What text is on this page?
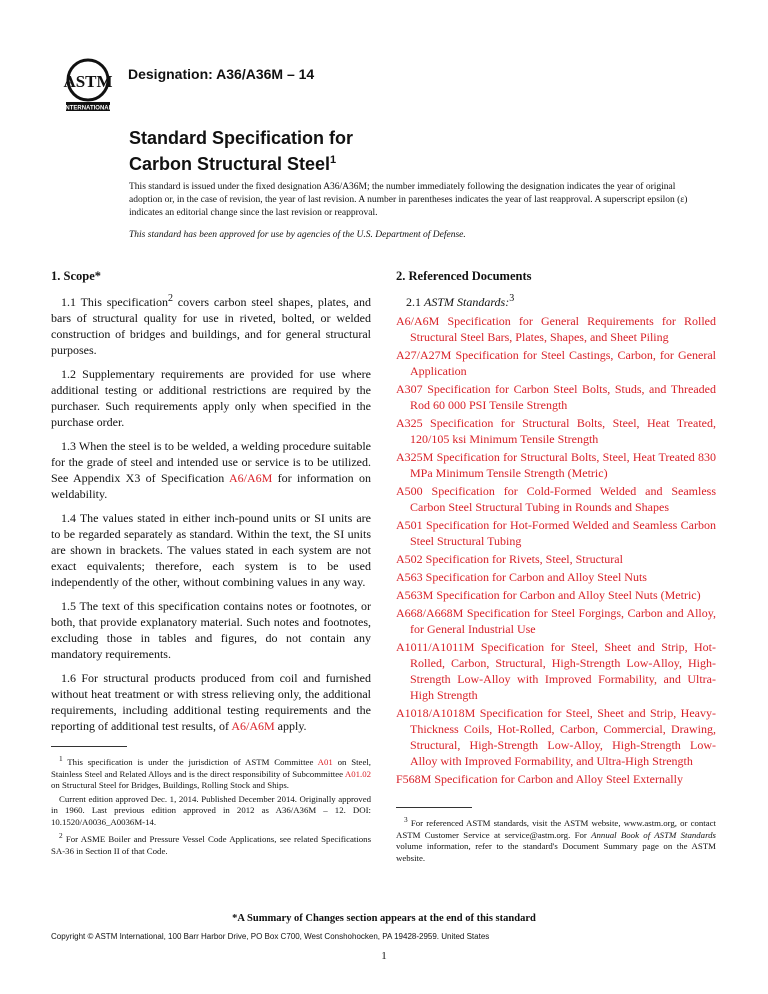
ASTM
INTERNATIONAL
Designation: A36/A36M – 14
Standard Specification for
Carbon Structural Steel$^1$

This standard is issued under the fixed designation A36/A36M; the number immediately following the designation indicates the year of original adoption or, in the case of revision, the year of last revision. A number in parentheses indicates the year of last reapproval. A superscript epsilon (ε) indicates an editorial change since the last revision or reapproval.

This standard has been approved for use by agencies of the U.S. Department of Defense.

1. Scope*

1.1 This specification$^2$ covers carbon steel shapes, plates, and bars of structural quality for use in riveted, bolted, or welded construction of bridges and buildings, and for general structural purposes.

1.2 Supplementary requirements are provided for use where additional testing or additional restrictions are required by the purchaser. Such requirements apply only when specified in the purchase order.

1.3 When the steel is to be welded, a welding procedure suitable for the grade of steel and intended use or service is to be utilized. See Appendix X3 of Specification A6/A6M for information on weldability.

1.4 The values stated in either inch-pound units or SI units are to be regarded separately as standard. Within the text, the SI units are shown in brackets. The values stated in each system are not exact equivalents; therefore, each system is to be used independently of the other, without combining values in any way.

1.5 The text of this specification contains notes or footnotes, or both, that provide explanatory material. Such notes and footnotes, excluding those in tables and figures, do not contain any mandatory requirements.

1.6 For structural products produced from coil and furnished without heat treatment or with stress relieving only, the additional requirements, including additional testing requirements and the reporting of additional test results, of A6/A6M apply.

$^1$ This specification is under the jurisdiction of ASTM Committee A01 on Steel, Stainless Steel and Related Alloys and is the direct responsibility of Subcommittee A01.02 on Structural Steel for Bridges, Buildings, Rolling Stock and Ships.

Current edition approved Dec. 1, 2014. Published December 2014. Originally approved in 1960. Last previous edition approved in 2012 as A36/A36M – 12. DOI: 10.1520/A0036_A0036M-14.

$^2$ For ASME Boiler and Pressure Vessel Code Applications, see related Specifications SA-36 in Section II of that Code.

2. Referenced Documents

2.1 ASTM Standards:$^3$

A6/A6M Specification for General Requirements for Rolled Structural Steel Bars, Plates, Shapes, and Sheet Piling

A27/A27M Specification for Steel Castings, Carbon, for General Application

A307 Specification for Carbon Steel Bolts, Studs, and Threaded Rod 60 000 PSI Tensile Strength

A325 Specification for Structural Bolts, Steel, Heat Treated, 120/105 ksi Minimum Tensile Strength

A325M Specification for Structural Bolts, Steel, Heat Treated 830 MPa Minimum Tensile Strength (Metric)

A500 Specification for Cold-Formed Welded and Seamless Carbon Steel Structural Tubing in Rounds and Shapes

A501 Specification for Hot-Formed Welded and Seamless Carbon Steel Structural Tubing

A502 Specification for Rivets, Steel, Structural

A563 Specification for Carbon and Alloy Steel Nuts

A563M Specification for Carbon and Alloy Steel Nuts (Metric)

A668/A668M Specification for Steel Forgings, Carbon and Alloy, for General Industrial Use

A1011/A1011M Specification for Steel, Sheet and Strip, Hot-Rolled, Carbon, Structural, High-Strength Low-Alloy, High-Strength Low-Alloy with Improved Formability, and Ultra-High Strength

A1018/A1018M Specification for Steel, Sheet and Strip, Heavy-Thickness Coils, Hot-Rolled, Carbon, Commercial, Drawing, Structural, High-Strength Low-Alloy, High-Strength Low-Alloy with Improved Formability, and Ultra-High Strength

F568M Specification for Carbon and Alloy Steel Externally

$^3$ For referenced ASTM standards, visit the ASTM website, www.astm.org, or contact ASTM Customer Service at service@astm.org. For Annual Book of ASTM Standards volume information, refer to the standard's Document Summary page on the ASTM website.

*A Summary of Changes section appears at the end of this standard
Copyright © ASTM International, 100 Barr Harbor Drive, PO Box C700, West Conshohocken, PA 19428-2959. United States
1
